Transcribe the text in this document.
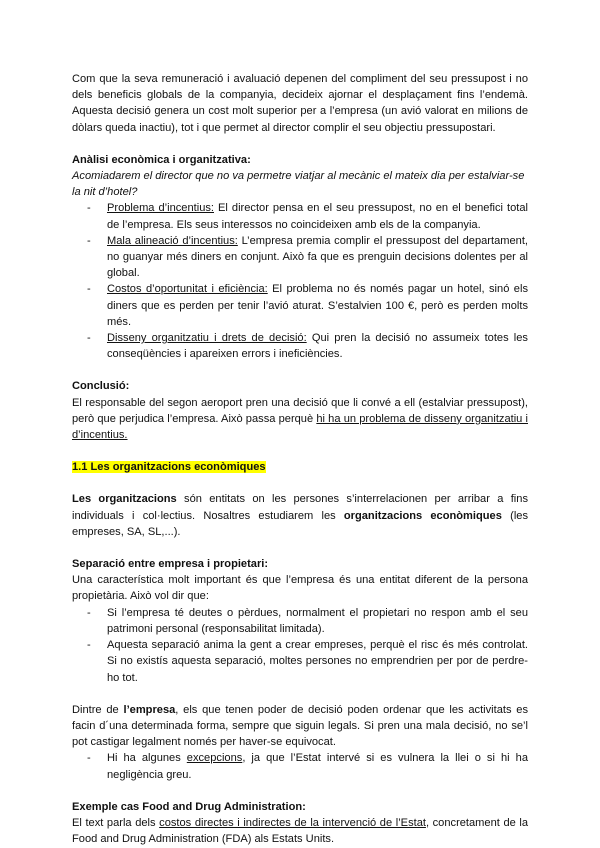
Com que la seva remuneració i avaluació depenen del compliment del seu pressupost i no dels beneficis globals de la companyia, decideix ajornar el desplaçament fins l’endemà. Aquesta decisió genera un cost molt superior per a l’empresa (un avió valorat en milions de dòlars queda inactiu), tot i que permet al director complir el seu objectiu pressupostari.

Anàlisi econòmica i organitzativa:

Acomiadarem el director que no va permetre viatjar al mecànic el mateix dia per estalviar-se la nit d’hotel?

- Problema d’incentius: El director pensa en el seu pressupost, no en el benefici total de l’empresa. Els seus interessos no coincideixen amb els de la companyia.
- Mala alineació d’incentius: L’empresa premia complir el pressupost del departament, no guanyar més diners en conjunt. Això fa que es prenguin decisions dolentes per al global.
- Costos d’oportunitat i eficiència: El problema no és només pagar un hotel, sinó els diners que es perden per tenir l’avió aturat. S’estalvien 100 €, però es perden molts més.
- Disseny organitzatiu i drets de decisió: Qui pren la decisió no assumeix totes les conseqüències i apareixen errors i ineficiències.

Conclusió:

El responsable del segon aeroport pren una decisió que li convé a ell (estalviar pressupost), però que perjudica l’empresa. Això passa perquè hi ha un problema de disseny organitzatiu i d’incentius.

1.1 Les organitzacions econòmiques

Les organitzacions són entitats on les persones s’interrelacionen per arribar a fins individuals i col·lectius. Nosaltres estudiarem les organitzacions econòmiques (les empreses, SA, SL,...).

Separació entre empresa i propietari:

Una característica molt important és que l’empresa és una entitat diferent de la persona propietària. Això vol dir que:

- Si l’empresa té deutes o pèrdues, normalment el propietari no respon amb el seu patrimoni personal (responsabilitat limitada).
- Aquesta separació anima la gent a crear empreses, perquè el risc és més controlat. Si no existís aquesta separació, moltes persones no emprendrien per por de perdre-ho tot.

Dintre de l’empresa, els que tenen poder de decisió poden ordenar que les activitats es facin d´una determinada forma, sempre que siguin legals. Si pren una mala decisió, no se’l pot castigar legalment només per haver-se equivocat.

- Hi ha algunes excepcions, ja que l’Estat intervé si es vulnera la llei o si hi ha negligència greu.

Exemple cas Food and Drug Administration:

El text parla dels costos directes i indirectes de la intervenció de l’Estat, concretament de la Food and Drug Administration (FDA) als Estats Units.
